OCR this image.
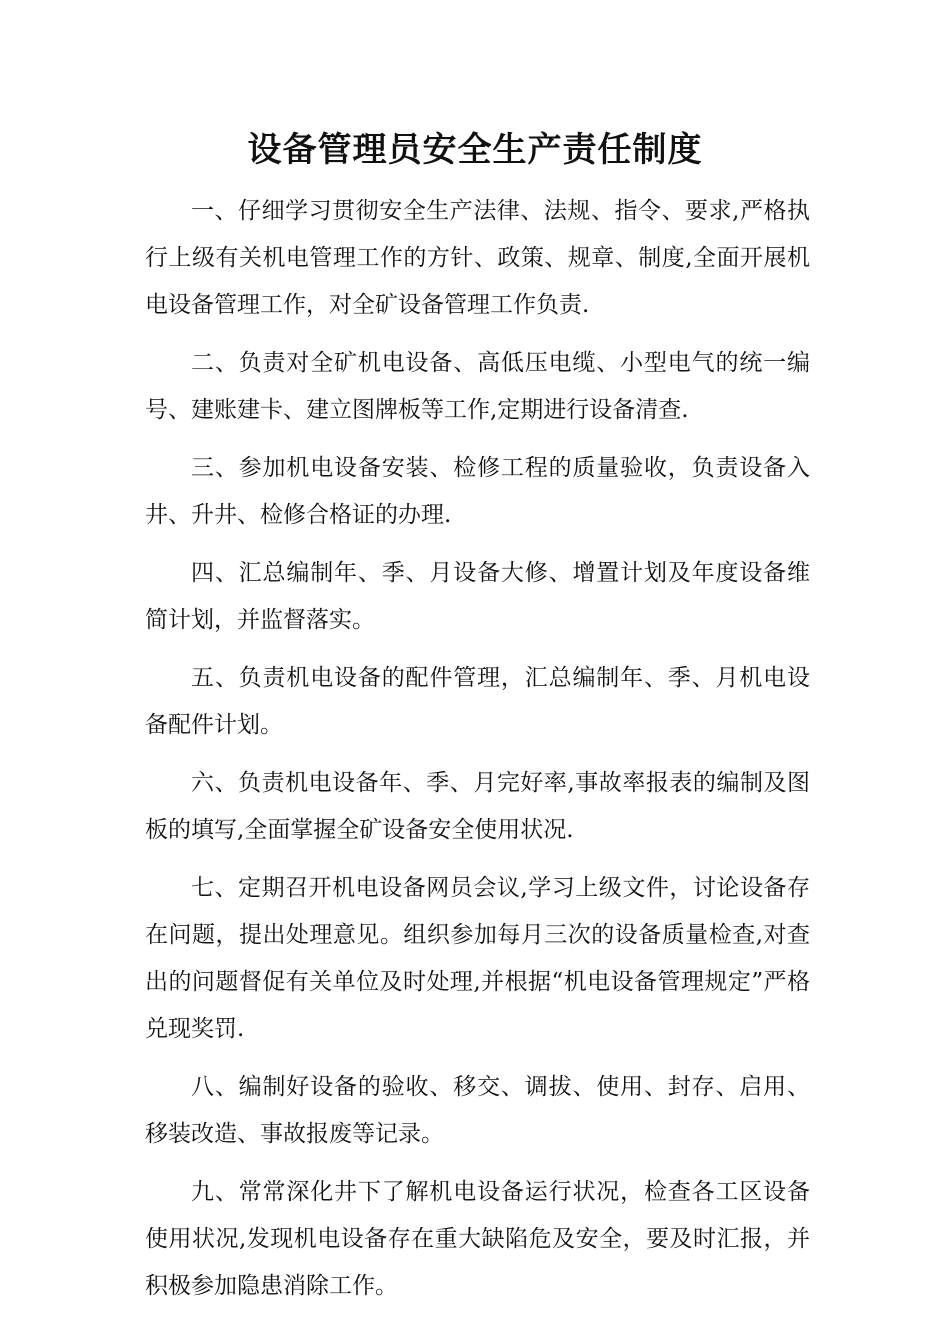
设备管理员安全生产责任制度

一、仔细学习贯彻安全生产法律、法规、指令、要求,严格执行上级有关机电管理工作的方针、政策、规章、制度,全面开展机电设备管理工作，对全矿设备管理工作负责.

二、负责对全矿机电设备、高低压电缆、小型电气的统一编号、建账建卡、建立图牌板等工作,定期进行设备清查.

三、参加机电设备安装、检修工程的质量验收，负责设备入井、升井、检修合格证的办理.

四、汇总编制年、季、月设备大修、增置计划及年度设备维简计划，并监督落实。

五、负责机电设备的配件管理，汇总编制年、季、月机电设备配件计划。

六、负责机电设备年、季、月完好率,事故率报表的编制及图板的填写,全面掌握全矿设备安全使用状况.

七、定期召开机电设备网员会议,学习上级文件，讨论设备存在问题，提出处理意见。组织参加每月三次的设备质量检查,对查出的问题督促有关单位及时处理,并根据“机电设备管理规定”严格兑现奖罚.

八、编制好设备的验收、移交、调拔、使用、封存、启用、移装改造、事故报废等记录。

九、常常深化井下了解机电设备运行状况，检查各工区设备使用状况,发现机电设备存在重大缺陷危及安全，要及时汇报，并积极参加隐患消除工作。
